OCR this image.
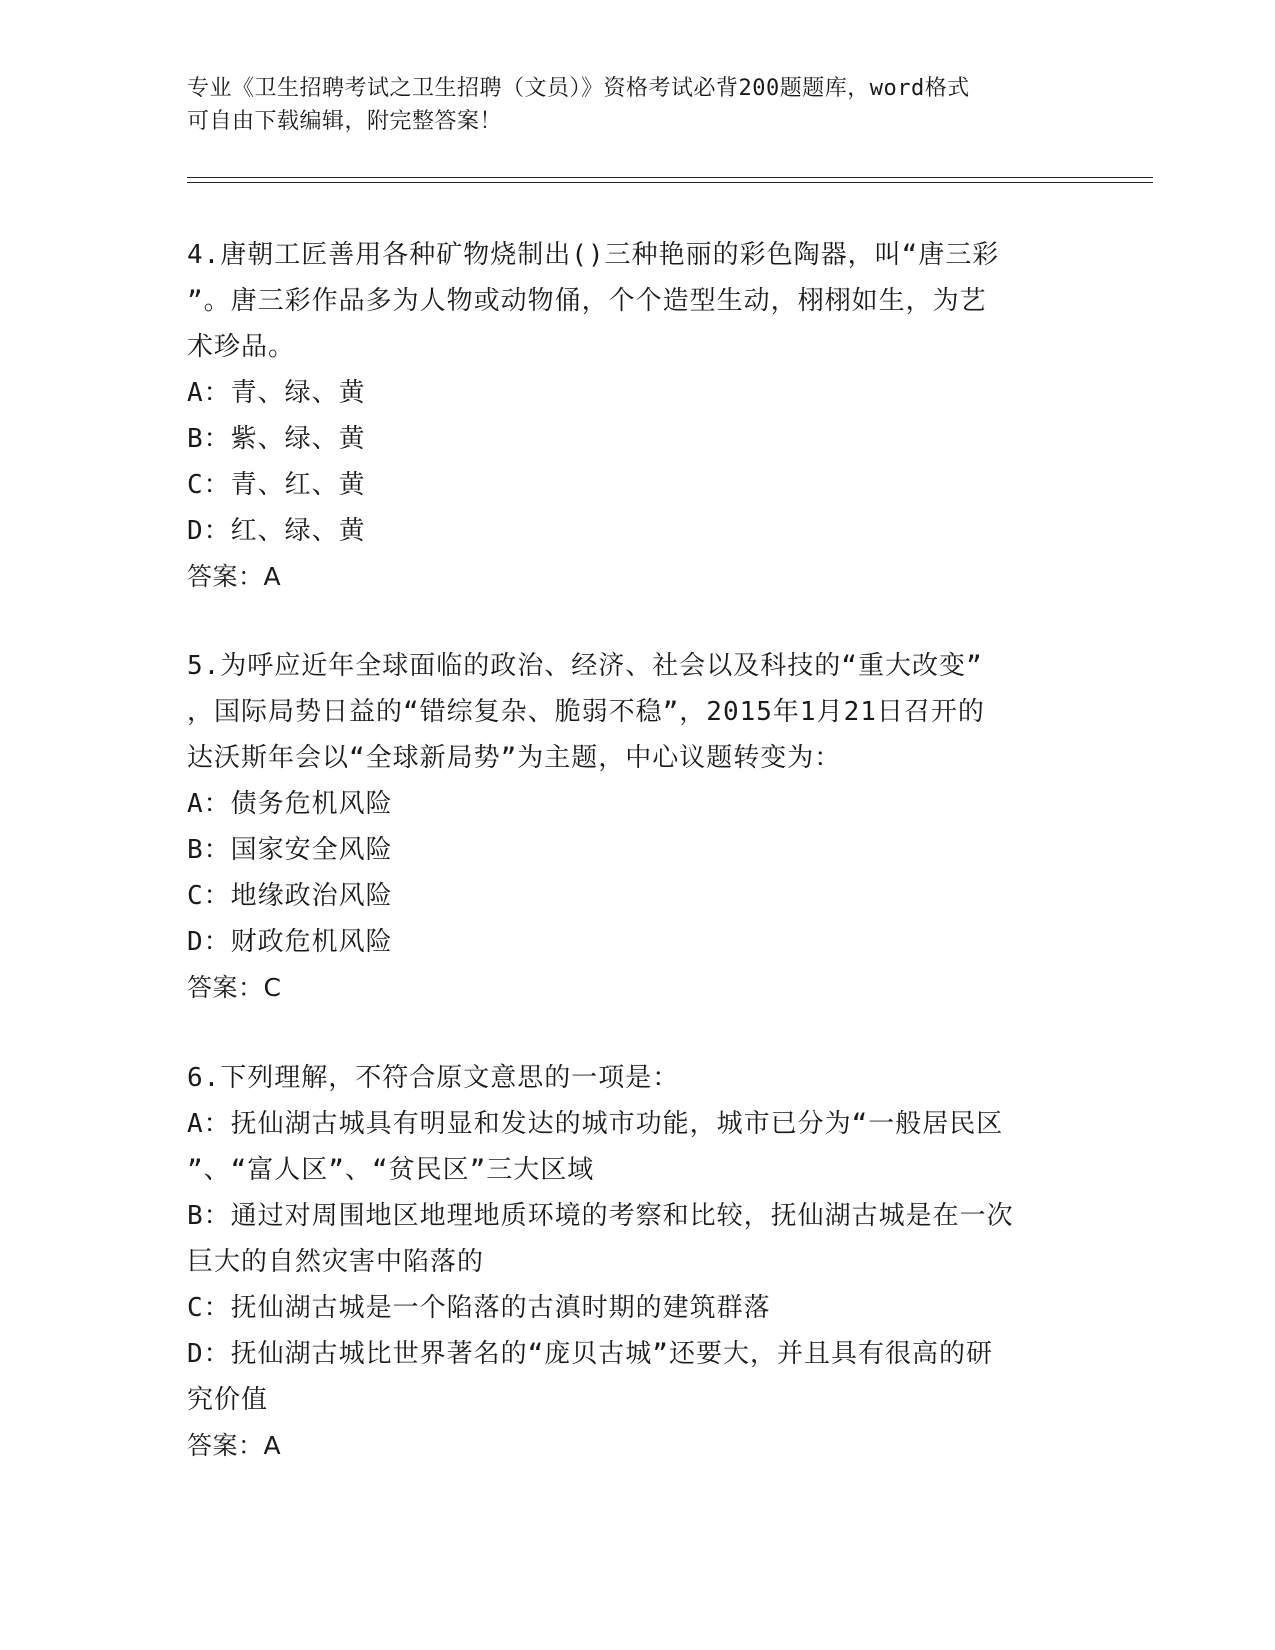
专业《卫生招聘考试之卫生招聘（文员）》资格考试必背200题题库，word格式
可自由下载编辑，附完整答案！
4.唐朝工匠善用各种矿物烧制出()三种艳丽的彩色陶器，叫“唐三彩
”。唐三彩作品多为人物或动物俑，个个造型生动，栩栩如生，为艺
术珍品。
A：青、绿、黄
B：紫、绿、黄
C：青、红、黄
D：红、绿、黄
答案：A
5.为呼应近年全球面临的政治、经济、社会以及科技的“重大改变”
，国际局势日益的“错综复杂、脆弱不稳”，2015年1月21日召开的
达沃斯年会以“全球新局势”为主题，中心议题转变为：
A：债务危机风险
B：国家安全风险
C：地缘政治风险
D：财政危机风险
答案：C
6.下列理解，不符合原文意思的一项是：
A：抚仙湖古城具有明显和发达的城市功能，城市已分为“一般居民区
”、“富人区”、“贫民区”三大区域
B：通过对周围地区地理地质环境的考察和比较，抚仙湖古城是在一次
巨大的自然灾害中陷落的
C：抚仙湖古城是一个陷落的古滇时期的建筑群落
D：抚仙湖古城比世界著名的“庞贝古城”还要大，并且具有很高的研
究价值
答案：A
